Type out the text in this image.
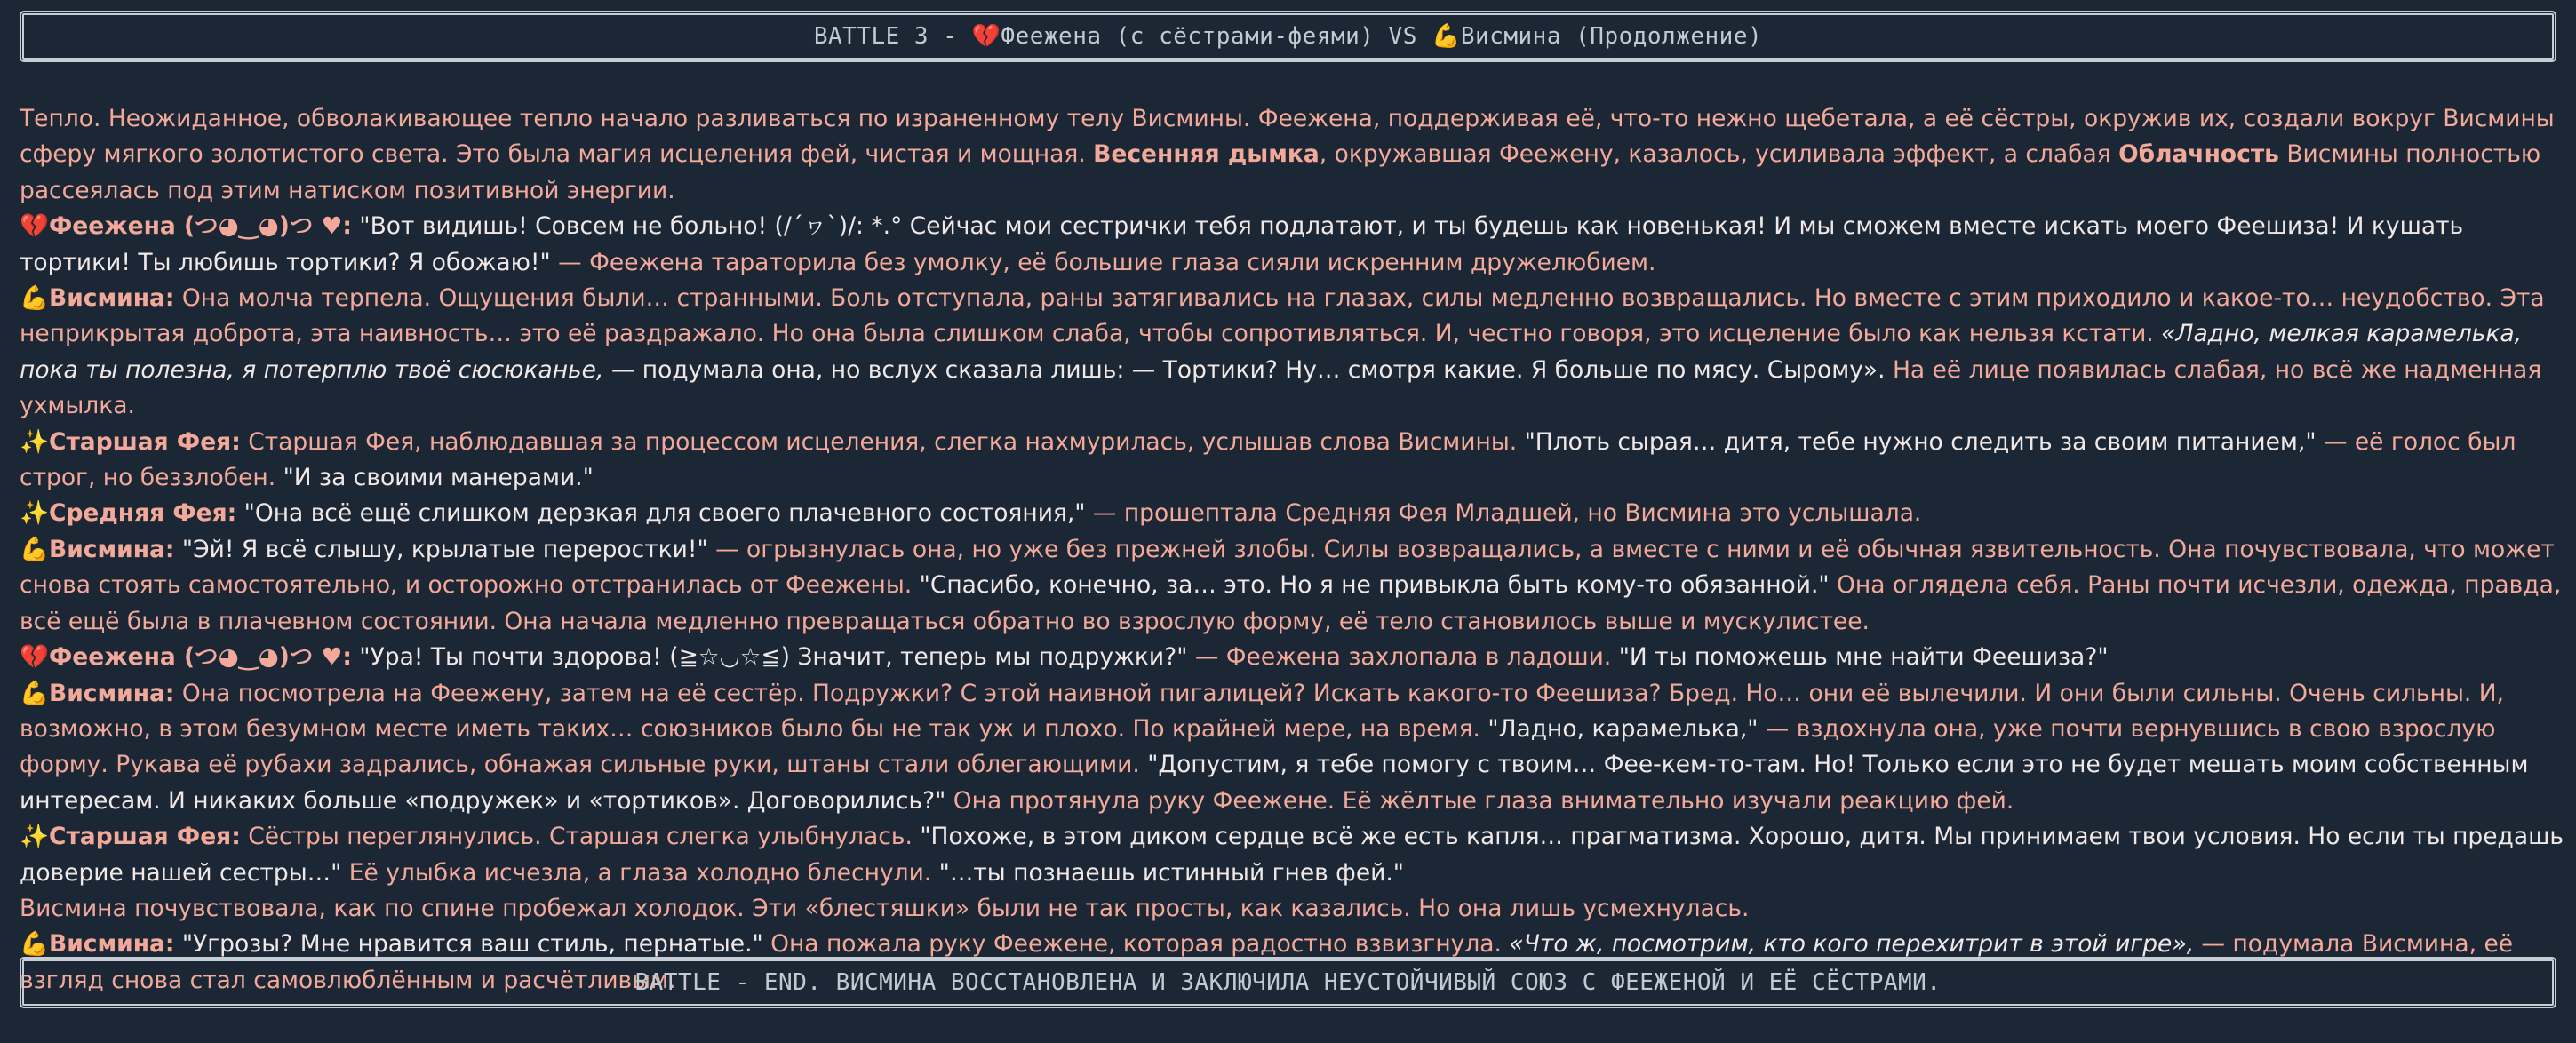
BATTLE 3 - 💔 Феежена (с сёстрами-феями) VS 💪 Висмина (Продолжение)

Тепло. Неожиданное, обволакивающее тепло начало разливаться по израненному телу Висмины. Феежена, поддерживая её, что-то нежно щебетала, а её сёстры, окружив их, создали вокруг Висмины сферу мягкого золотистого света. Это была магия исцеления фей, чистая и мощная. Весенняя дымка, окружавшая Феежену, казалось, усиливала эффект, а слабая Облачность Висмины полностью рассеялась под этим натиском позитивной энергии.

💔Феежена (つ◕‿◕)つ ♥: "Вот видишь! Совсем не больно! (/´ヮ`)/: *.° Сейчас мои сестрички тебя подлатают, и ты будешь как новенькая! И мы сможем вместе искать моего Феешиза! И кушать тортики! Ты любишь тортики? Я обожаю!" — Феежена тараторила без умолку, её большие глаза сияли искренним дружелюбием.

💪Висмина: Она молча терпела. Ощущения были… странными. Боль отступала, раны затягивались на глазах, силы медленно возвращались. Но вместе с этим приходило и какое-то… неудобство. Эта неприкрытая доброта, эта наивность… это её раздражало. Но она была слишком слаба, чтобы сопротивляться. И, честно говоря, это исцеление было как нельзя кстати. «Ладно, мелкая карамелька, пока ты полезна, я потерплю твоё сюсюканье, — подумала она, но вслух сказала лишь: — Тортики? Ну… смотря какие. Я больше по мясу. Сырому». На её лице появилась слабая, но всё же надменная ухмылка.

✨Старшая Фея: Старшая Фея, наблюдавшая за процессом исцеления, слегка нахмурилась, услышав слова Висмины. "Плоть сырая… дитя, тебе нужно следить за своим питанием," — её голос был строг, но беззлобен. "И за своими манерами."

✨Средняя Фея: "Она всё ещё слишком дерзкая для своего плачевного состояния," — прошептала Средняя Фея Младшей, но Висмина это услышала.

💪Висмина: "Эй! Я всё слышу, крылатые переростки!" — огрызнулась она, но уже без прежней злобы. Силы возвращались, а вместе с ними и её обычная язвительность. Она почувствовала, что может снова стоять самостоятельно, и осторожно отстранилась от Феежены. "Спасибо, конечно, за… это. Но я не привыкла быть кому-то обязанной." Она оглядела себя. Раны почти исчезли, одежда, правда, всё ещё была в плачевном состоянии. Она начала медленно превращаться обратно во взрослую форму, её тело становилось выше и мускулистее.

💔Феежена (つ◕‿◕)つ ♥: "Ура! Ты почти здорова! (≧☆◡☆≦) Значит, теперь мы подружки?" — Феежена захлопала в ладоши. "И ты поможешь мне найти Феешиза?"

💪Висмина: Она посмотрела на Феежену, затем на её сестёр. Подружки? С этой наивной пигалицей? Искать какого-то Феешиза? Бред. Но… они её вылечили. И они были сильны. Очень сильны. И, возможно, в этом безумном месте иметь таких… союзников было бы не так уж и плохо. По крайней мере, на время. "Ладно, карамелька," — вздохнула она, уже почти вернувшись в свою взрослую форму. Рукава её рубахи задрались, обнажая сильные руки, штаны стали облегающими. "Допустим, я тебе помогу с твоим… Фее-кем-то-там. Но! Только если это не будет мешать моим собственным интересам. И никаких больше «подружек» и «тортиков». Договорились?" Она протянула руку Феежене. Её жёлтые глаза внимательно изучали реакцию фей.

✨Старшая Фея: Сёстры переглянулись. Старшая слегка улыбнулась. "Похоже, в этом диком сердце всё же есть капля… прагматизма. Хорошо, дитя. Мы принимаем твои условия. Но если ты предашь доверие нашей сестры…" Её улыбка исчезла, а глаза холодно блеснули. "…ты познаешь истинный гнев фей."

Висмина почувствовала, как по спине пробежал холодок. Эти «блестяшки» были не так просты, как казались. Но она лишь усмехнулась.

💪Висмина: "Угрозы? Мне нравится ваш стиль, пернатые." Она пожала руку Феежене, которая радостно взвизгнула. «Что ж, посмотрим, кто кого перехитрит в этой игре», — подумала Висмина, её взгляд снова стал самовлюблённым и расчётливым.

BATTLE - END. ВИСМИНА ВОССТАНОВЛЕНА И ЗАКЛЮЧИЛА НЕУСТОЙЧИВЫЙ СОЮЗ С ФЕЕЖЕНОЙ И ЕЁ СЁСТРАМИ.
